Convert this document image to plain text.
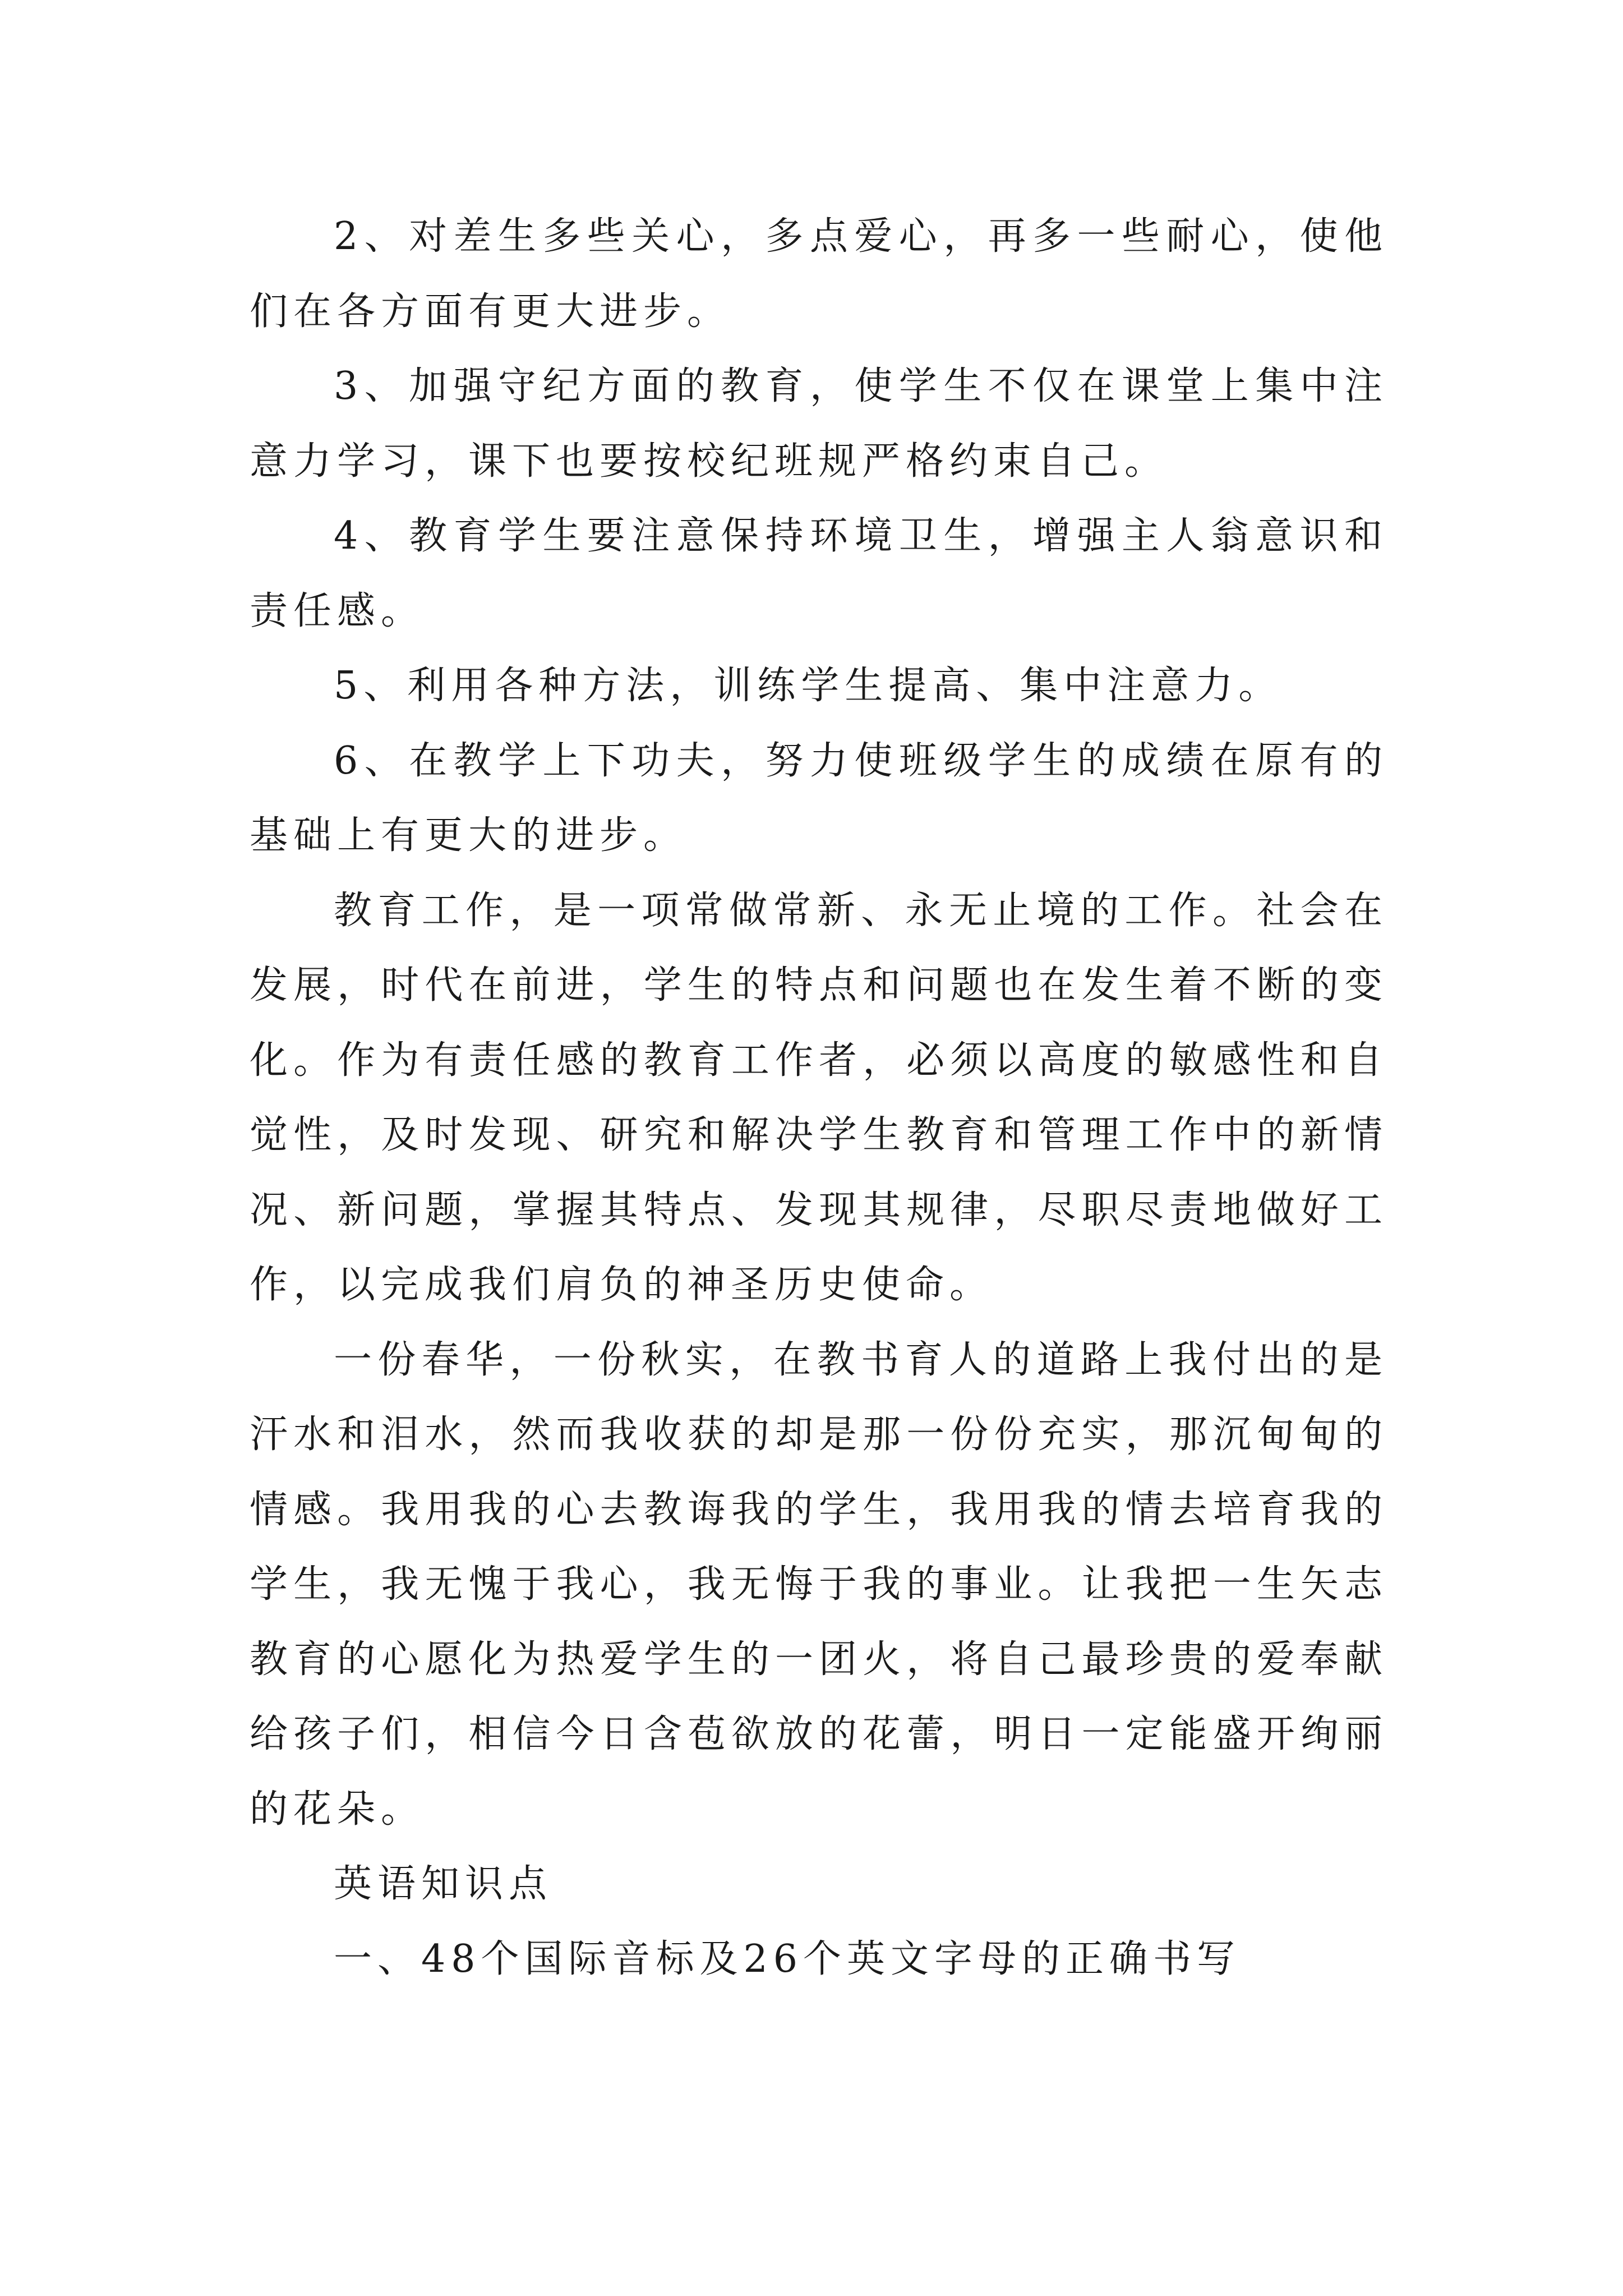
2、对差生多些关心，多点爱心，再多一些耐心，使他们在各方面有更大进步。

3、加强守纪方面的教育，使学生不仅在课堂上集中注意力学习，课下也要按校纪班规严格约束自己。

4、教育学生要注意保持环境卫生，增强主人翁意识和责任感。

5、利用各种方法，训练学生提高、集中注意力。

6、在教学上下功夫，努力使班级学生的成绩在原有的基础上有更大的进步。

教育工作，是一项常做常新、永无止境的工作。社会在发展，时代在前进，学生的特点和问题也在发生着不断的变化。作为有责任感的教育工作者，必须以高度的敏感性和自觉性，及时发现、研究和解决学生教育和管理工作中的新情况、新问题，掌握其特点、发现其规律，尽职尽责地做好工作，以完成我们肩负的神圣历史使命。

一份春华，一份秋实，在教书育人的道路上我付出的是汗水和泪水，然而我收获的却是那一份份充实，那沉甸甸的情感。我用我的心去教诲我的学生，我用我的情去培育我的学生，我无愧于我心，我无悔于我的事业。让我把一生矢志教育的心愿化为热爱学生的一团火，将自己最珍贵的爱奉献给孩子们，相信今日含苞欲放的花蕾，明日一定能盛开绚丽的花朵。

英语知识点

一、48个国际音标及26个英文字母的正确书写
